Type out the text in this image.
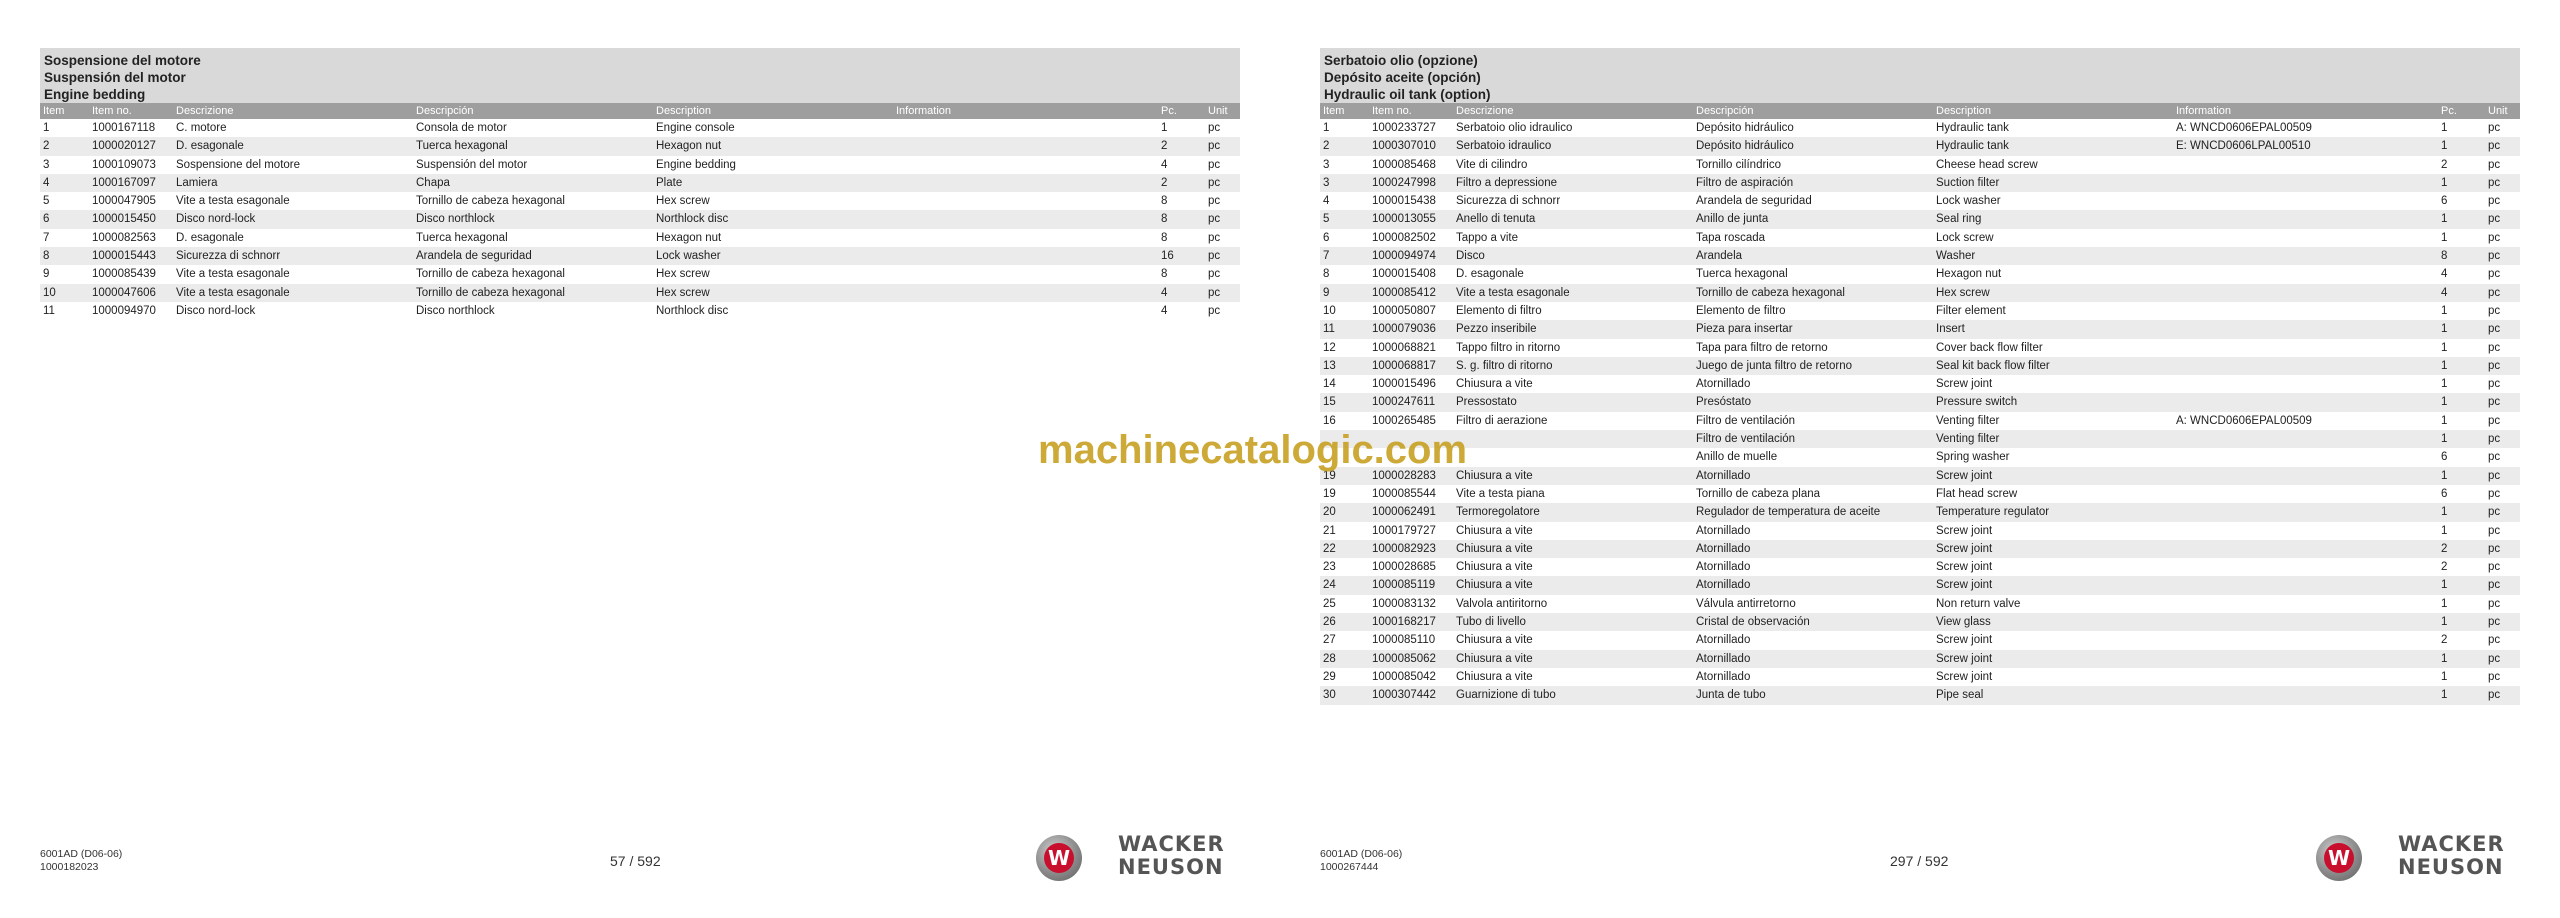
Sospensione del motore
Suspensión del motor
Engine bedding
Item	Item no.	Descrizione	Descripción	Description	Information	Pc.	Unit
1	1000167118	C. motore	Consola de motor	Engine console		1	pc
2	1000020127	D. esagonale	Tuerca hexagonal	Hexagon nut		2	pc
3	1000109073	Sospensione del motore	Suspensión del motor	Engine bedding		4	pc
4	1000167097	Lamiera	Chapa	Plate		2	pc
5	1000047905	Vite a testa esagonale	Tornillo de cabeza hexagonal	Hex screw		8	pc
6	1000015450	Disco nord-lock	Disco northlock	Northlock disc		8	pc
7	1000082563	D. esagonale	Tuerca hexagonal	Hexagon nut		8	pc
8	1000015443	Sicurezza di schnorr	Arandela de seguridad	Lock washer		16	pc
9	1000085439	Vite a testa esagonale	Tornillo de cabeza hexagonal	Hex screw		8	pc
10	1000047606	Vite a testa esagonale	Tornillo de cabeza hexagonal	Hex screw		4	pc
11	1000094970	Disco nord-lock	Disco northlock	Northlock disc		4	pc
6001AD (D06-06)
1000182023	57 / 592	W
WACKER
NEUSON
Serbatoio olio (opzione)
Depósito aceite (opción)
Hydraulic oil tank (option)
Item	Item no.	Descrizione	Descripción	Description	Information	Pc.	Unit
1	1000233727	Serbatoio olio idraulico	Depósito hidráulico	Hydraulic tank	A: WNCD0606EPAL00509	1	pc
2	1000307010	Serbatoio idraulico	Depósito hidráulico	Hydraulic tank	E: WNCD0606LPAL00510	1	pc
3	1000085468	Vite di cilindro	Tornillo cilíndrico	Cheese head screw		2	pc
3	1000247998	Filtro a depressione	Filtro de aspiración	Suction filter		1	pc
4	1000015438	Sicurezza di schnorr	Arandela de seguridad	Lock washer		6	pc
5	1000013055	Anello di tenuta	Anillo de junta	Seal ring		1	pc
6	1000082502	Tappo a vite	Tapa roscada	Lock screw		1	pc
7	1000094974	Disco	Arandela	Washer		8	pc
8	1000015408	D. esagonale	Tuerca hexagonal	Hexagon nut		4	pc
9	1000085412	Vite a testa esagonale	Tornillo de cabeza hexagonal	Hex screw		4	pc
10	1000050807	Elemento di filtro	Elemento de filtro	Filter element		1	pc
11	1000079036	Pezzo inseribile	Pieza para insertar	Insert		1	pc
12	1000068821	Tappo filtro in ritorno	Tapa para filtro de retorno	Cover back flow filter		1	pc
13	1000068817	S. g. filtro di ritorno	Juego de junta filtro de retorno	Seal kit back flow filter		1	pc
14	1000015496	Chiusura a vite	Atornillado	Screw joint		1	pc
15	1000247611	Pressostato	Presóstato	Pressure switch		1	pc
16	1000265485	Filtro di aerazione	Filtro de ventilación	Venting filter	A: WNCD0606EPAL00509	1	pc
			Filtro de ventilación	Venting filter		1	pc
			Anillo de muelle	Spring washer		6	pc
19	1000028283	Chiusura a vite	Atornillado	Screw joint		1	pc
19	1000085544	Vite a testa piana	Tornillo de cabeza plana	Flat head screw		6	pc
20	1000062491	Termoregolatore	Regulador de temperatura de aceite	Temperature regulator		1	pc
21	1000179727	Chiusura a vite	Atornillado	Screw joint		1	pc
22	1000082923	Chiusura a vite	Atornillado	Screw joint		2	pc
23	1000028685	Chiusura a vite	Atornillado	Screw joint		2	pc
24	1000085119	Chiusura a vite	Atornillado	Screw joint		1	pc
25	1000083132	Valvola antiritorno	Válvula antirretorno	Non return valve		1	pc
26	1000168217	Tubo di livello	Cristal de observación	View glass		1	pc
27	1000085110	Chiusura a vite	Atornillado	Screw joint		2	pc
28	1000085062	Chiusura a vite	Atornillado	Screw joint		1	pc
29	1000085042	Chiusura a vite	Atornillado	Screw joint		1	pc
30	1000307442	Guarnizione di tubo	Junta de tubo	Pipe seal		1	pc
6001AD (D06-06)
1000267444	297 / 592	W
WACKER
NEUSON
machinecatalogic.com
